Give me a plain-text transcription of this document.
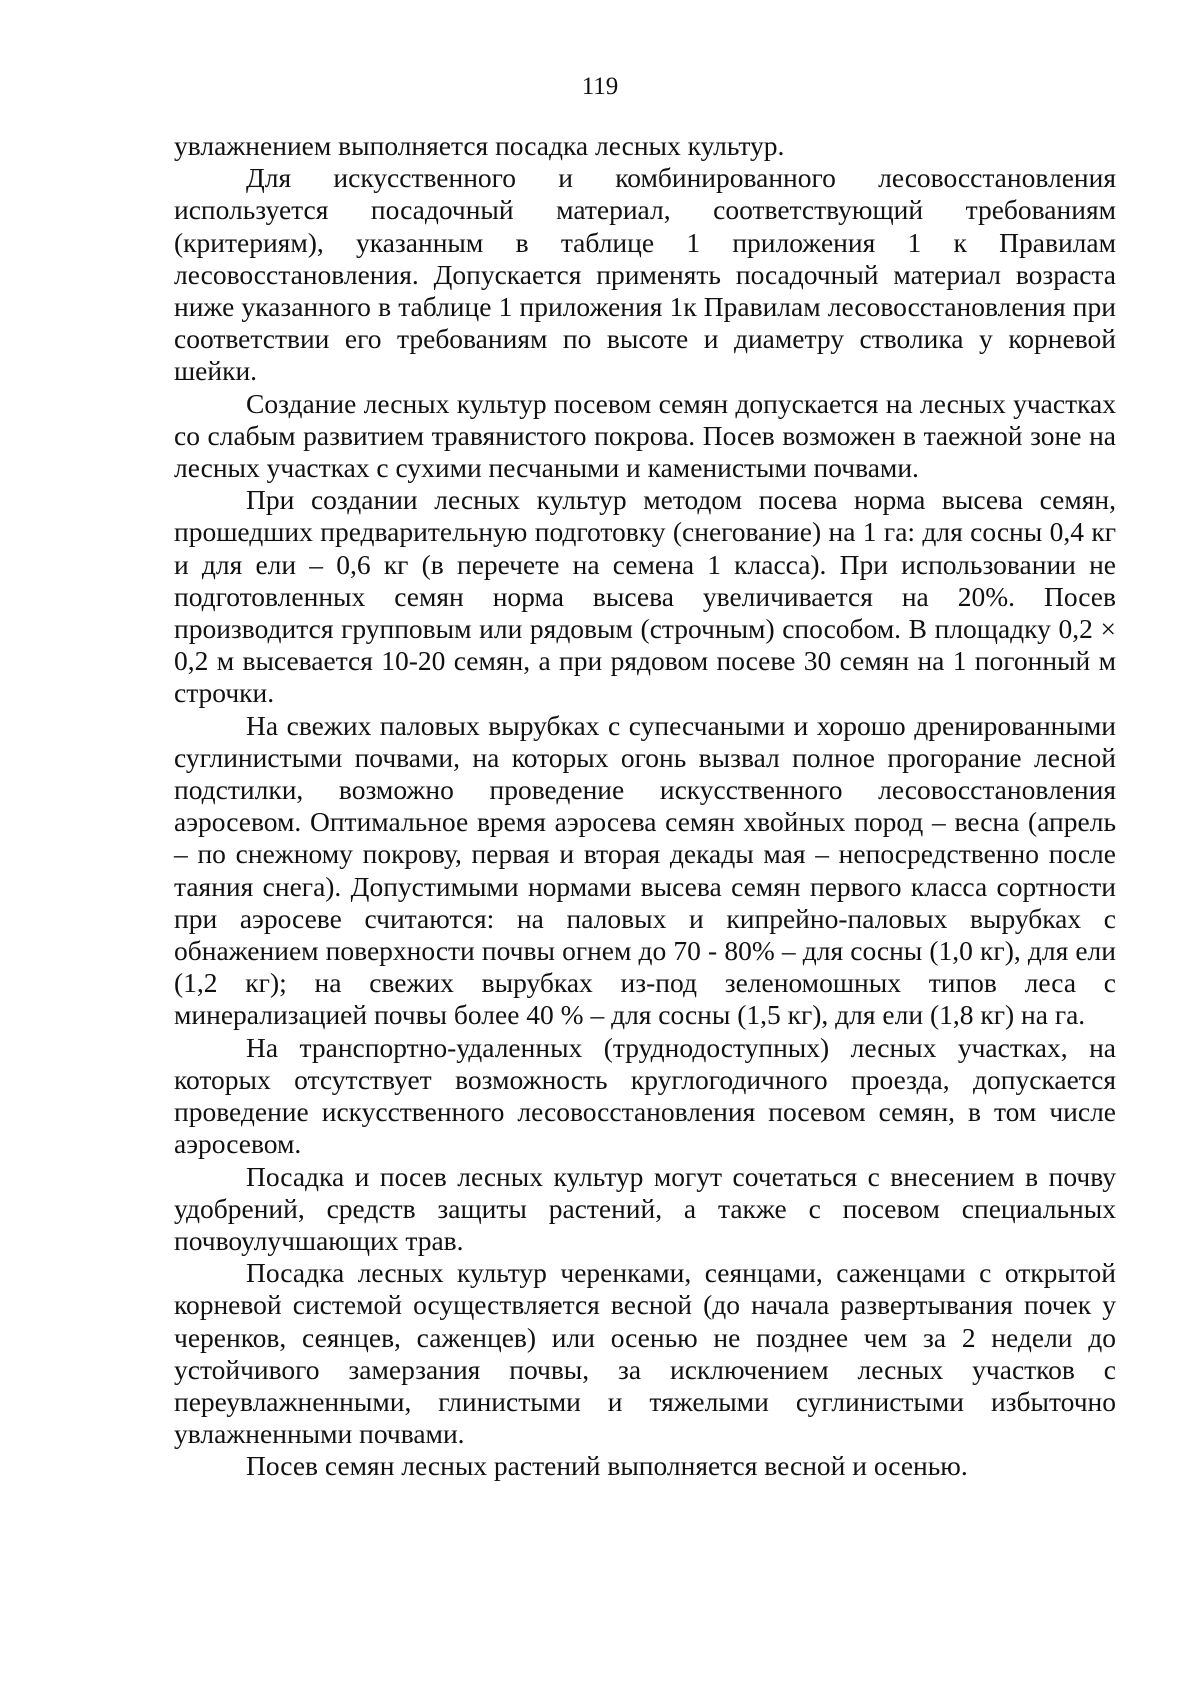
119

увлажнением выполняется посадка лесных культур.

Для искусственного и комбинированного лесовосстановления используется посадочный материал, соответствующий требованиям (критериям), указанным в таблице 1 приложения 1 к Правилам лесовосстановления. Допускается применять посадочный материал возраста ниже указанного в таблице 1 приложения 1к Правилам лесовосстановления при соответствии его требованиям по высоте и диаметру стволика у корневой шейки.

Создание лесных культур посевом семян допускается на лесных участках со слабым развитием травянистого покрова. Посев возможен в таежной зоне на лесных участках с сухими песчаными и каменистыми почвами.

При создании лесных культур методом посева норма высева семян, прошедших предварительную подготовку (снегование) на 1 га: для сосны 0,4 кг и для ели – 0,6 кг (в перечете на семена 1 класса). При использовании не подготовленных семян норма высева увеличивается на 20%. Посев производится групповым или рядовым (строчным) способом. В площадку 0,2 × 0,2 м высевается 10-20 семян, а при рядовом посеве 30 семян на 1 погонный м строчки.

На свежих паловых вырубках с супесчаными и хорошо дренированными суглинистыми почвами, на которых огонь вызвал полное прогорание лесной подстилки, возможно проведение искусственного лесовосстановления аэросевом. Оптимальное время аэросева семян хвойных пород – весна (апрель – по снежному покрову, первая и вторая декады мая – непосредственно после таяния снега). Допустимыми нормами высева семян первого класса сортности при аэросеве считаются: на паловых и кипрейно-паловых вырубках с обнажением поверхности почвы огнем до 70 - 80% – для сосны (1,0 кг), для ели (1,2 кг); на свежих вырубках из-под зеленомошных типов леса с минерализацией почвы более 40 % – для сосны (1,5 кг), для ели (1,8 кг) на га.

На транспортно-удаленных (труднодоступных) лесных участках, на которых отсутствует возможность круглогодичного проезда, допускается проведение искусственного лесовосстановления посевом семян, в том числе аэросевом.

Посадка и посев лесных культур могут сочетаться с внесением в почву удобрений, средств защиты растений, а также с посевом специальных почвоулучшающих трав.

Посадка лесных культур черенками, сеянцами, саженцами с открытой корневой системой осуществляется весной (до начала развертывания почек у черенков, сеянцев, саженцев) или осенью не позднее чем за 2 недели до устойчивого замерзания почвы, за исключением лесных участков с переувлажненными, глинистыми и тяжелыми суглинистыми избыточно увлажненными почвами.

Посев семян лесных растений выполняется весной и осенью.
